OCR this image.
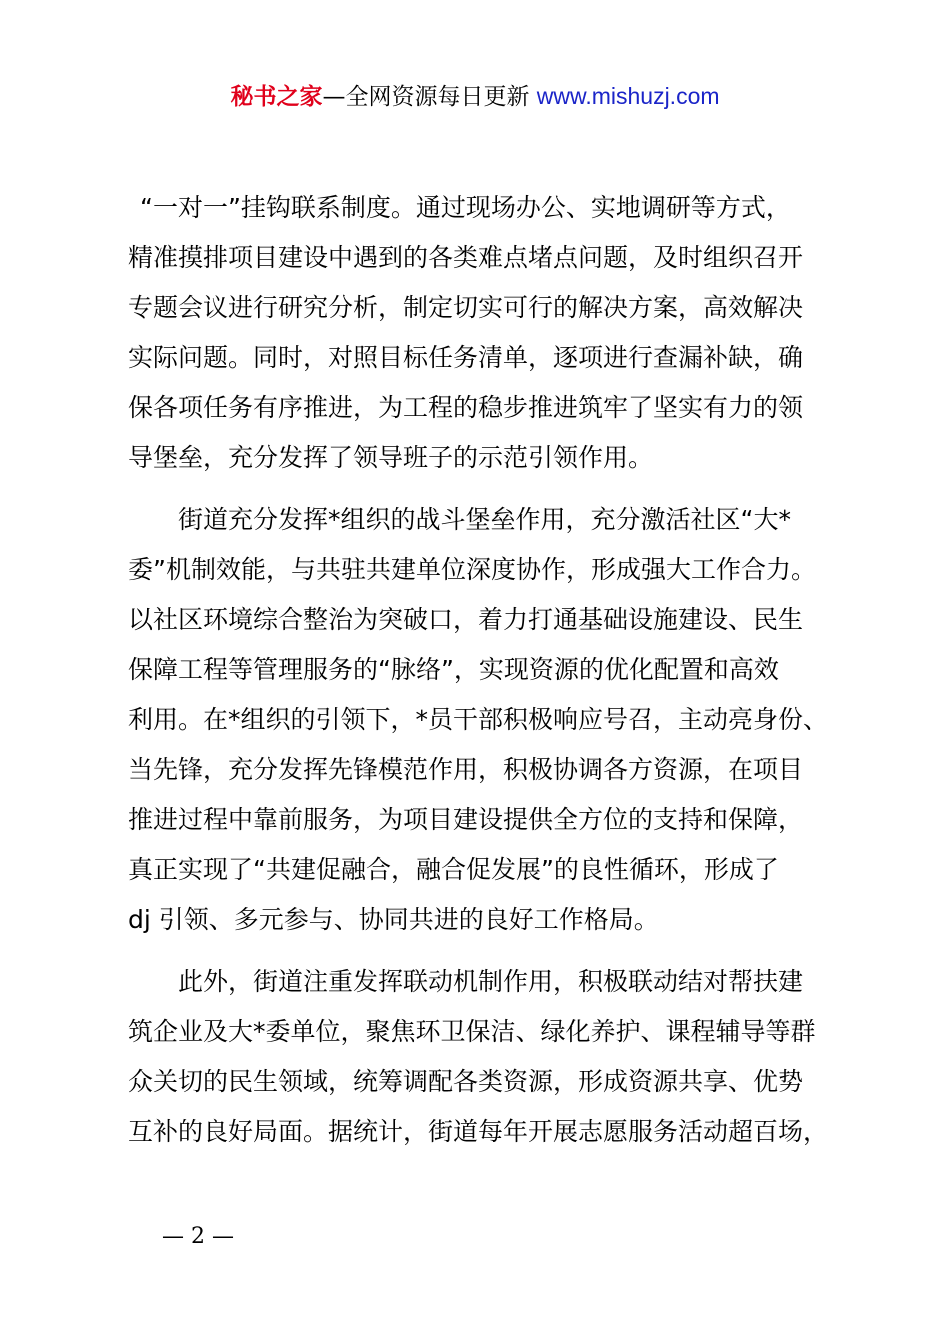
秘书之家—全网资源每日更新 www.mishuzj.com

“一对一”挂钩联系制度。通过现场办公、实地调研等方式，
精准摸排项目建设中遇到的各类难点堵点问题，及时组织召开
专题会议进行研究分析，制定切实可行的解决方案，高效解决
实际问题。同时，对照目标任务清单，逐项进行查漏补缺，确
保各项任务有序推进，为工程的稳步推进筑牢了坚实有力的领
导堡垒，充分发挥了领导班子的示范引领作用。

街道充分发挥*组织的战斗堡垒作用，充分激活社区“大*
委”机制效能，与共驻共建单位深度协作，形成强大工作合力。
以社区环境综合整治为突破口，着力打通基础设施建设、民生
保障工程等管理服务的“脉络”，实现资源的优化配置和高效
利用。在*组织的引领下，*员干部积极响应号召，主动亮身份、
当先锋，充分发挥先锋模范作用，积极协调各方资源，在项目
推进过程中靠前服务，为项目建设提供全方位的支持和保障，
真正实现了“共建促融合，融合促发展”的良性循环，形成了
dj 引领、多元参与、协同共进的良好工作格局。

此外，街道注重发挥联动机制作用，积极联动结对帮扶建
筑企业及大*委单位，聚焦环卫保洁、绿化养护、课程辅导等群
众关切的民生领域，统筹调配各类资源，形成资源共享、优势
互补的良好局面。据统计，街道每年开展志愿服务活动超百场，

— 2 —
